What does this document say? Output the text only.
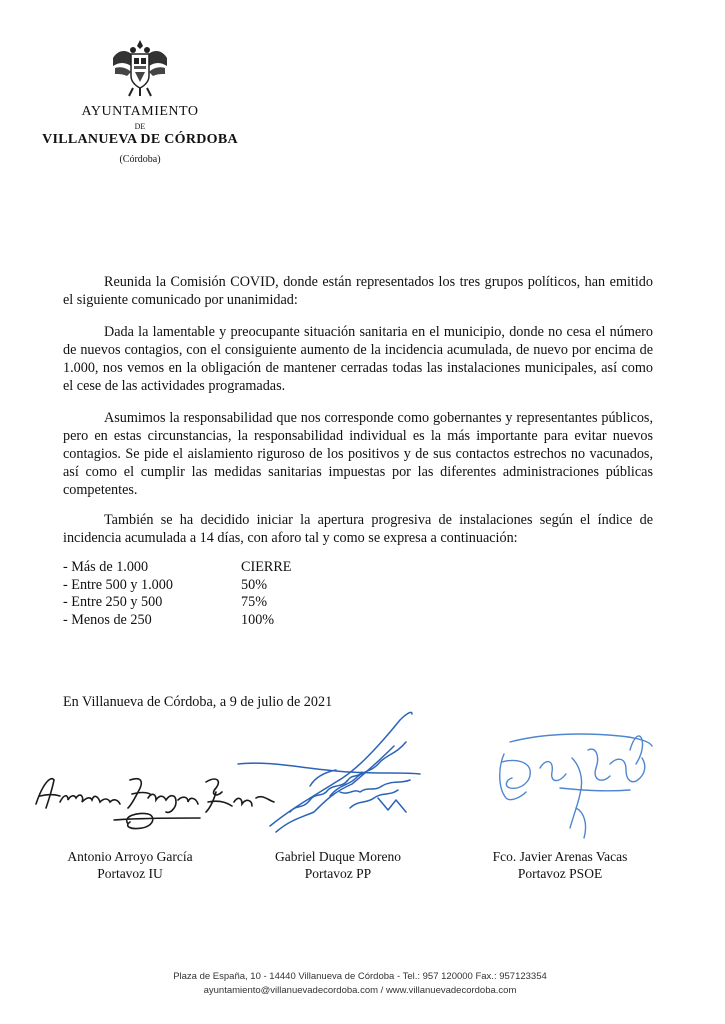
AYUNTAMIENTO
DE
VILLANUEVA DE CÓRDOBA
(Córdoba)

Reunida la Comisión COVID, donde están representados los tres grupos políticos, han emitido el siguiente comunicado por unanimidad:

Dada la lamentable y preocupante situación sanitaria en el municipio, donde no cesa el número de nuevos contagios, con el consiguiente aumento de la incidencia acumulada, de nuevo por encima de 1.000, nos vemos en la obligación de mantener cerradas todas las instalaciones municipales, así como el cese de las actividades programadas.

Asumimos la responsabilidad que nos corresponde como gobernantes y representantes públicos, pero en estas circunstancias, la responsabilidad individual es la más importante para evitar nuevos contagios. Se pide el aislamiento riguroso de los positivos y de sus contactos estrechos no vacunados, así como el cumplir las medidas sanitarias impuestas por las diferentes administraciones públicas competentes.

También se ha decidido iniciar la apertura progresiva de instalaciones según el índice de incidencia acumulada a 14 días, con aforo tal y como se expresa a continuación:

- Más de 1.000	CIERRE
- Entre 500 y 1.000	50%
- Entre 250 y 500	75%
- Menos de 250	100%
En Villanueva de Córdoba, a 9 de julio de 2021
Antonio Arroyo García
Portavoz IU
Gabriel Duque Moreno
Portavoz PP
Fco. Javier Arenas Vacas
Portavoz PSOE
Plaza de España, 10 - 14440 Villanueva de Córdoba - Tel.: 957 120000 Fax.: 957123354
ayuntamiento@villanuevadecordoba.com / www.villanuevadecordoba.com
